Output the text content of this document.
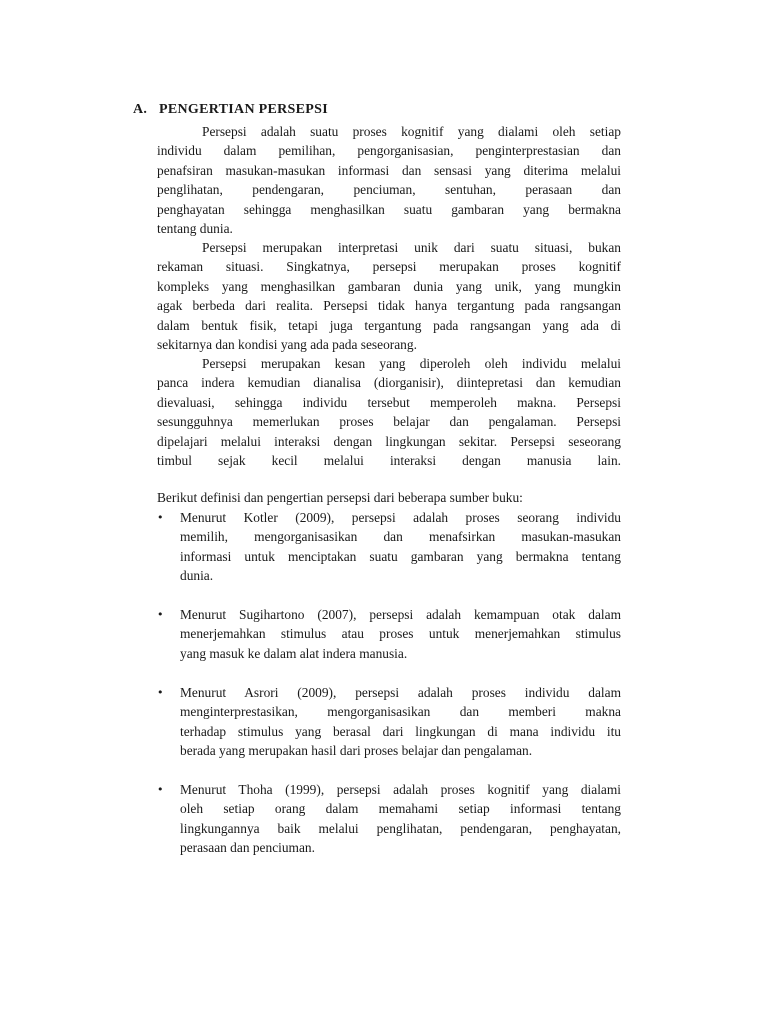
A. PENGERTIAN PERSEPSI
Persepsi adalah suatu proses kognitif yang dialami oleh setiap
individu dalam pemilihan, pengorganisasian, penginterprestasian dan
penafsiran masukan-masukan informasi dan sensasi yang diterima melalui
penglihatan, pendengaran, penciuman, sentuhan, perasaan dan
penghayatan sehingga menghasilkan suatu gambaran yang bermakna
tentang dunia.
Persepsi merupakan interpretasi unik dari suatu situasi, bukan
rekaman situasi. Singkatnya, persepsi merupakan proses kognitif
kompleks yang menghasilkan gambaran dunia yang unik, yang mungkin
agak berbeda dari realita. Persepsi tidak hanya tergantung pada rangsangan
dalam bentuk fisik, tetapi juga tergantung pada rangsangan yang ada di
sekitarnya dan kondisi yang ada pada seseorang.
Persepsi merupakan kesan yang diperoleh oleh individu melalui
panca indera kemudian dianalisa (diorganisir), diintepretasi dan kemudian
dievaluasi, sehingga individu tersebut memperoleh makna. Persepsi
sesungguhnya memerlukan proses belajar dan pengalaman. Persepsi
dipelajari melalui interaksi dengan lingkungan sekitar. Persepsi seseorang
timbul sejak kecil melalui interaksi dengan manusia lain.
Berikut definisi dan pengertian persepsi dari beberapa sumber buku:
•	Menurut Kotler (2009), persepsi adalah proses seorang individu
memilih, mengorganisasikan dan menafsirkan masukan-masukan
informasi untuk menciptakan suatu gambaran yang bermakna tentang
dunia.
•	Menurut Sugihartono (2007), persepsi adalah kemampuan otak dalam
menerjemahkan stimulus atau proses untuk menerjemahkan stimulus
yang masuk ke dalam alat indera manusia.
•	Menurut Asrori (2009), persepsi adalah proses individu dalam
menginterprestasikan, mengorganisasikan dan memberi makna
terhadap stimulus yang berasal dari lingkungan di mana individu itu
berada yang merupakan hasil dari proses belajar dan pengalaman.
•	Menurut Thoha (1999), persepsi adalah proses kognitif yang dialami
oleh setiap orang dalam memahami setiap informasi tentang
lingkungannya baik melalui penglihatan, pendengaran, penghayatan,
perasaan dan penciuman.
